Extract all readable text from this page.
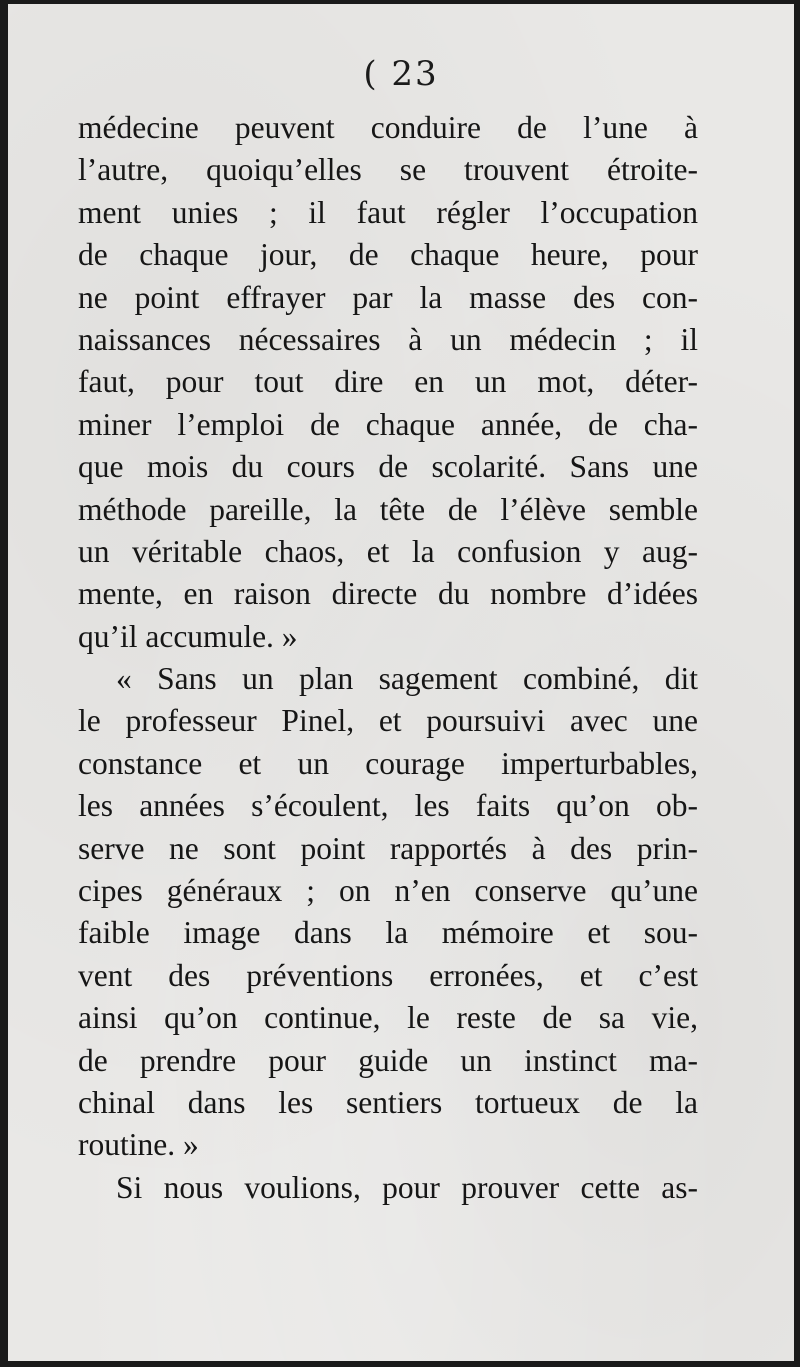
( 23
médecine peuvent conduire de l’une à
l’autre, quoiqu’elles se trouvent étroite-
ment unies ; il faut régler l’occupation
de chaque jour, de chaque heure, pour
ne point effrayer par la masse des con-
naissances nécessaires à un médecin ; il
faut, pour tout dire en un mot, déter-
miner l’emploi de chaque année, de cha-
que mois du cours de scolarité. Sans une
méthode pareille, la tête de l’élève semble
un véritable chaos, et la confusion y aug-
mente, en raison directe du nombre d’idées
qu’il accumule. »
« Sans un plan sagement combiné, dit
le professeur Pinel, et poursuivi avec une
constance et un courage imperturbables,
les années s’écoulent, les faits qu’on ob-
serve ne sont point rapportés à des prin-
cipes généraux ; on n’en conserve qu’une
faible image dans la mémoire et sou-
vent des préventions erronées, et c’est
ainsi qu’on continue, le reste de sa vie,
de prendre pour guide un instinct ma-
chinal dans les sentiers tortueux de la
routine. »
Si nous voulions, pour prouver cette as-
